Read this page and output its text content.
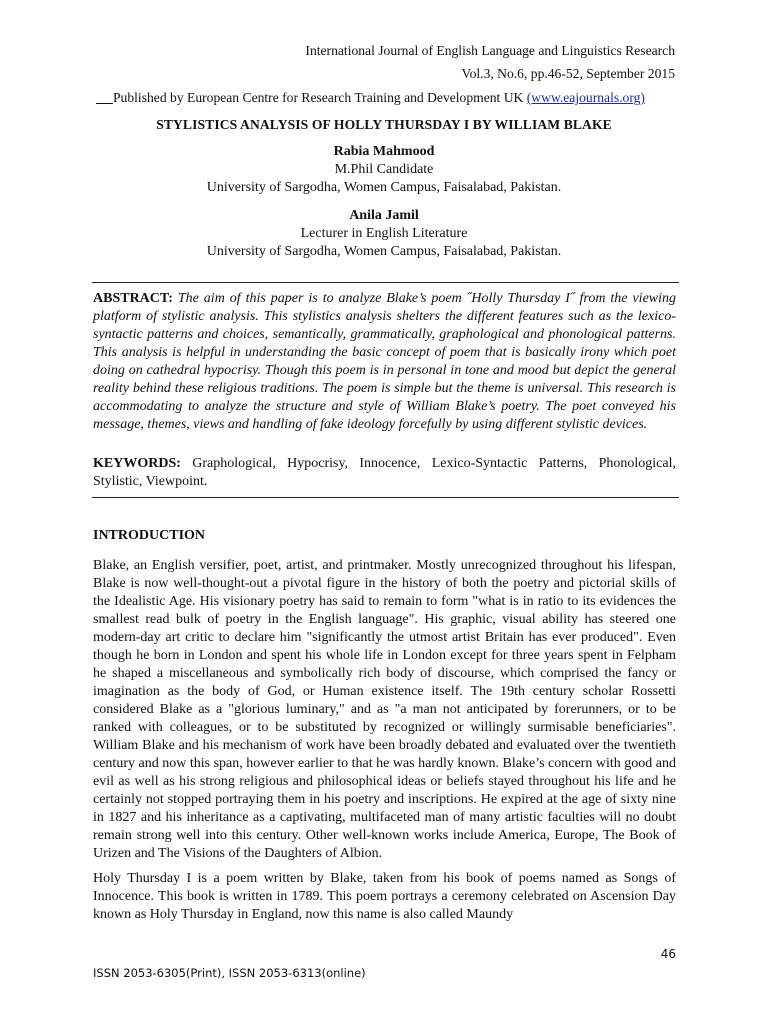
International Journal of English Language and Linguistics Research
Vol.3, No.6, pp.46-52, September 2015
Published by European Centre for Research Training and Development UK (www.eajournals.org)
STYLISTICS ANALYSIS OF HOLLY THURSDAY I BY WILLIAM BLAKE
Rabia Mahmood
M.Phil Candidate
University of Sargodha, Women Campus, Faisalabad, Pakistan.
Anila Jamil
Lecturer in English Literature
University of Sargodha, Women Campus, Faisalabad, Pakistan.
ABSTRACT: The aim of this paper is to analyze Blake’s poem ˝Holly Thursday I˝ from the viewing platform of stylistic analysis. This stylistics analysis shelters the different features such as the lexico-syntactic patterns and choices, semantically, grammatically, graphological and phonological patterns. This analysis is helpful in understanding the basic concept of poem that is basically irony which poet doing on cathedral hypocrisy. Though this poem is in personal in tone and mood but depict the general reality behind these religious traditions. The poem is simple but the theme is universal. This research is accommodating to analyze the structure and style of William Blake’s poetry. The poet conveyed his message, themes, views and handling of fake ideology forcefully by using different stylistic devices.
KEYWORDS: Graphological, Hypocrisy, Innocence, Lexico-Syntactic Patterns, Phonological, Stylistic, Viewpoint.
INTRODUCTION
Blake, an English versifier, poet, artist, and printmaker. Mostly unrecognized throughout his lifespan, Blake is now well-thought-out a pivotal figure in the history of both the poetry and pictorial skills of the Idealistic Age. His visionary poetry has said to remain to form "what is in ratio to its evidences the smallest read bulk of poetry in the English language". His graphic, visual ability has steered one modern-day art critic to declare him "significantly the utmost artist Britain has ever produced". Even though he born in London and spent his whole life in London except for three years spent in Felpham he shaped a miscellaneous and symbolically rich body of discourse, which comprised the fancy or imagination as the body of God, or Human existence itself. The 19th century scholar Rossetti considered Blake as a "glorious luminary," and as "a man not anticipated by forerunners, or to be ranked with colleagues, or to be substituted by recognized or willingly surmisable beneficiaries". William Blake and his mechanism of work have been broadly debated and evaluated over the twentieth century and now this span, however earlier to that he was hardly known. Blake’s concern with good and evil as well as his strong religious and philosophical ideas or beliefs stayed throughout his life and he certainly not stopped portraying them in his poetry and inscriptions. He expired at the age of sixty nine in 1827 and his inheritance as a captivating, multifaceted man of many artistic faculties will no doubt remain strong well into this century. Other well-known works include America, Europe, The Book of Urizen and The Visions of the Daughters of Albion.
Holy Thursday I is a poem written by Blake, taken from his book of poems named as Songs of Innocence. This book is written in 1789. This poem portrays a ceremony celebrated on Ascension Day known as Holy Thursday in England, now this name is also called Maundy
46
ISSN 2053-6305(Print), ISSN 2053-6313(online)
